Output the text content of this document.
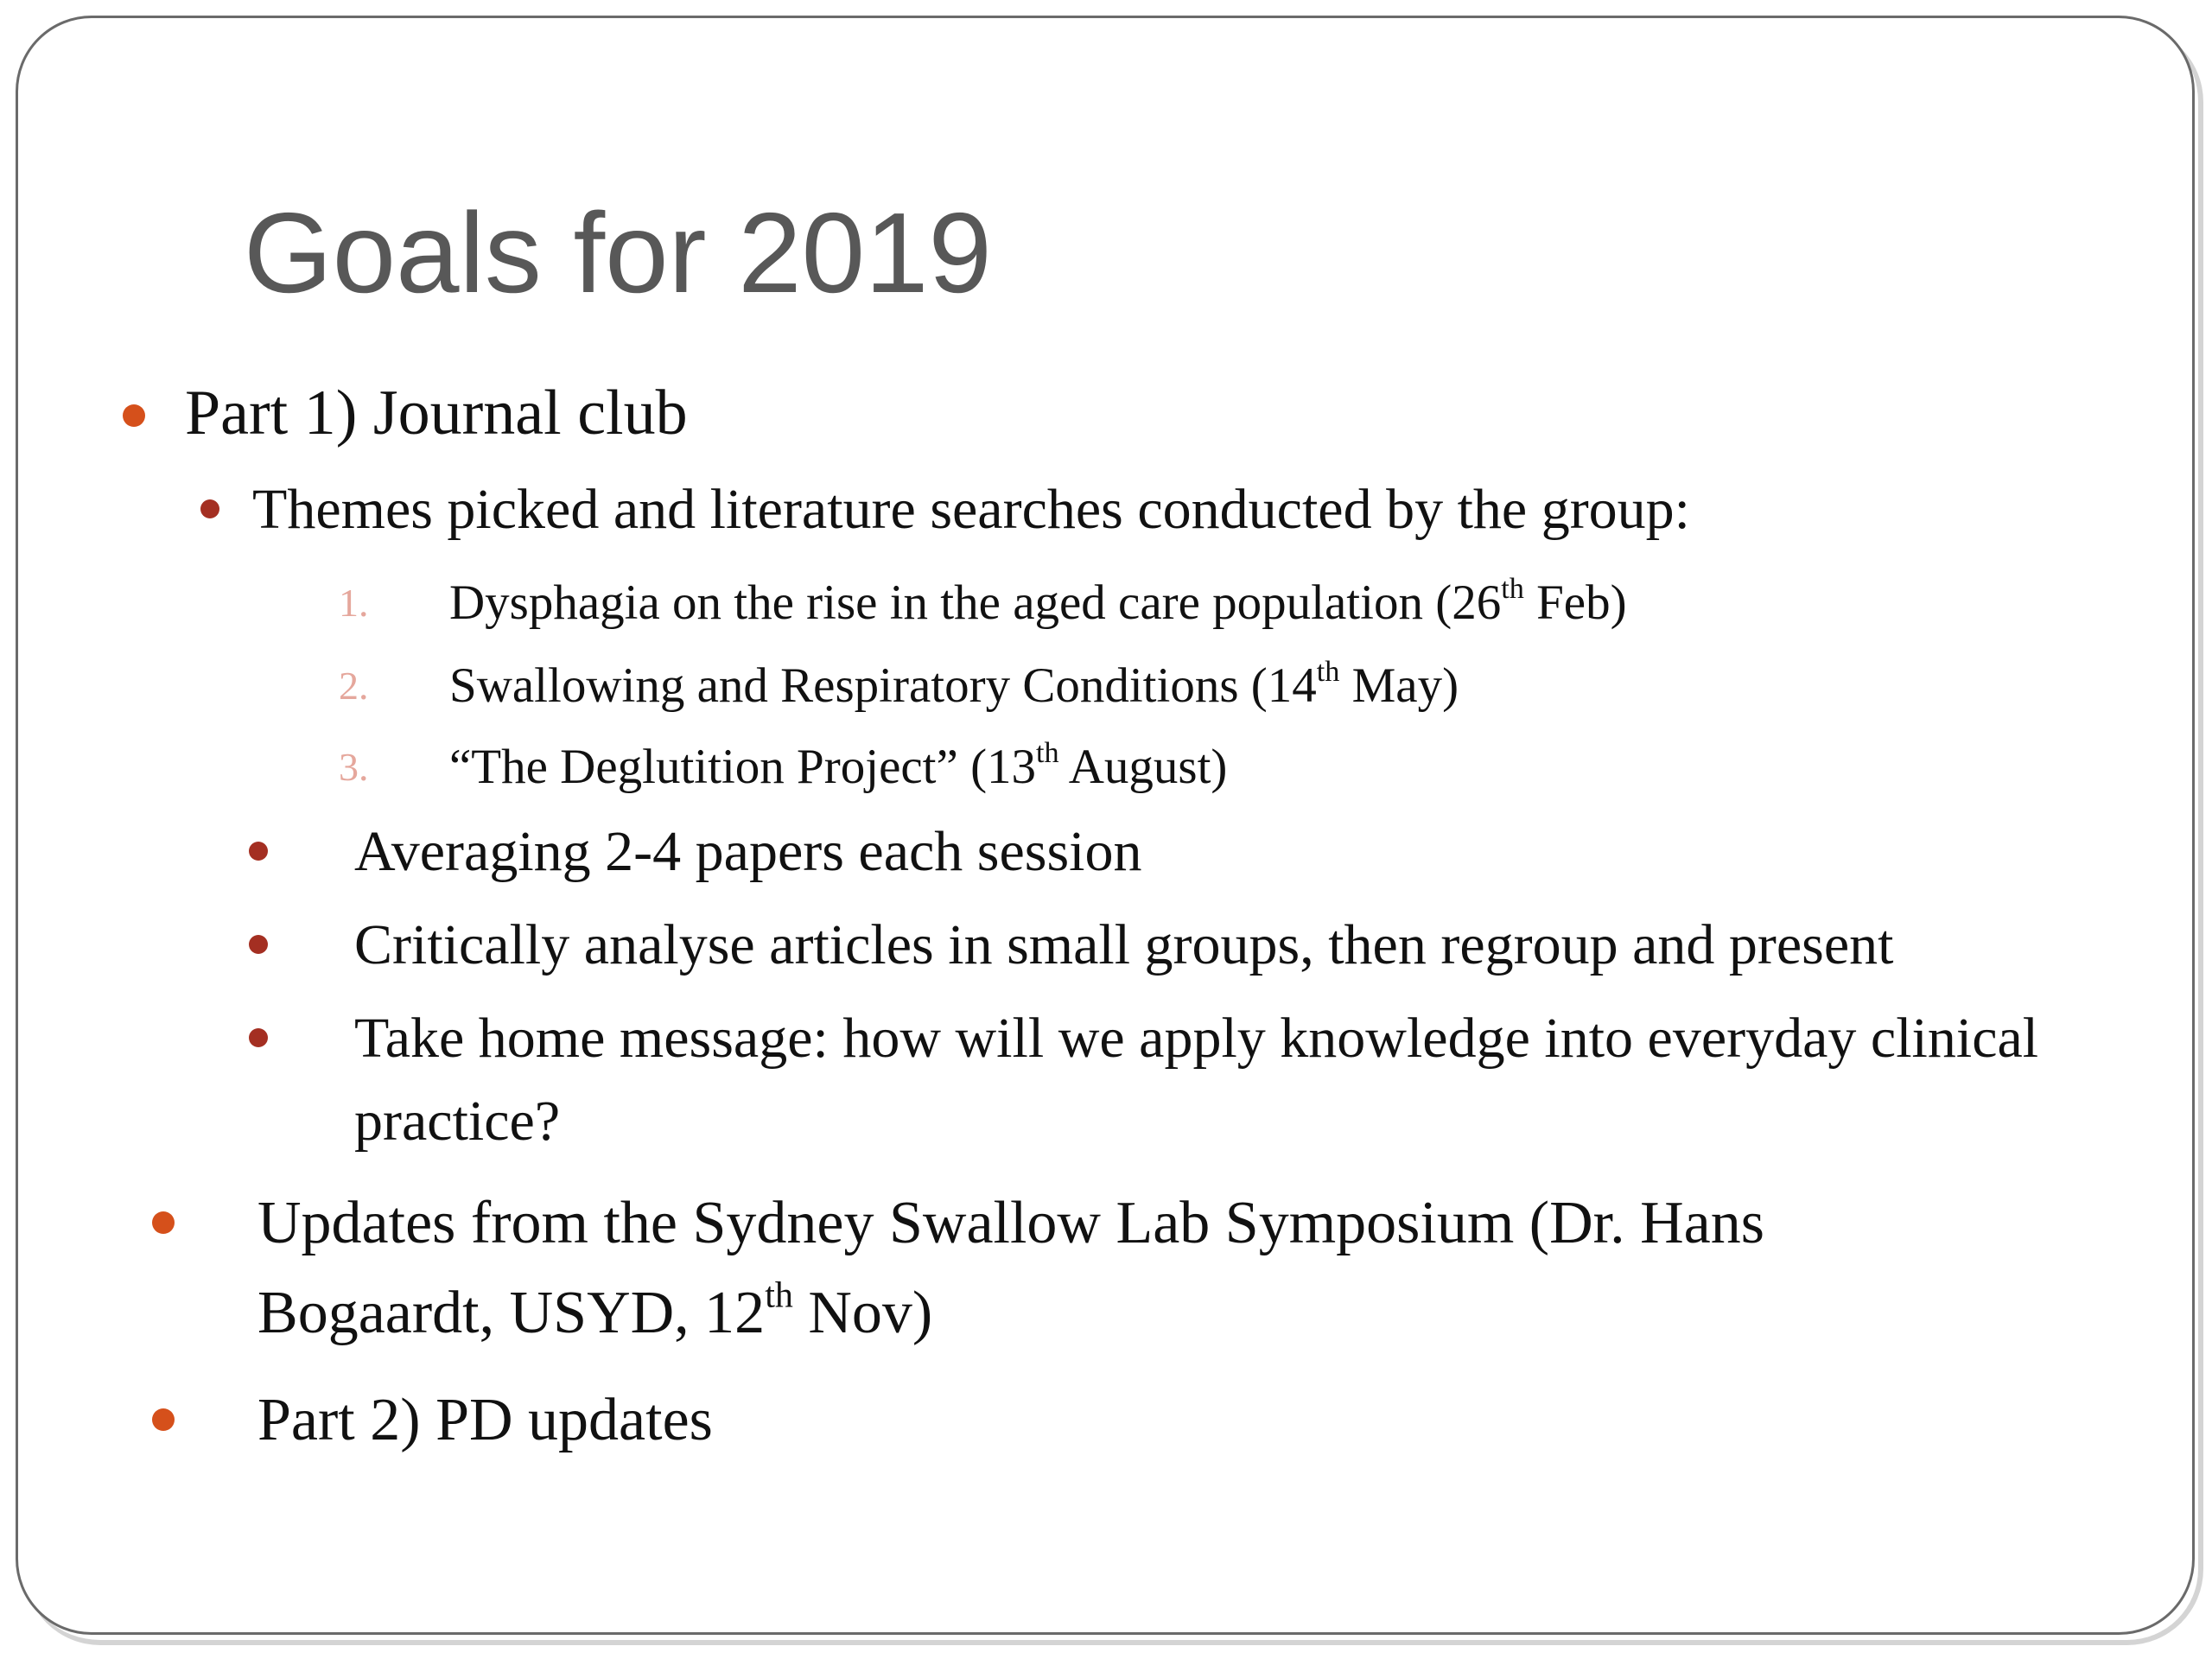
Goals for 2019

Part 1) Journal club

Themes picked and literature searches conducted by the group:

1. Dysphagia on the rise in the aged care population (26th Feb)

2. Swallowing and Respiratory Conditions (14th May)

3. “The Deglutition Project” (13th August)

Averaging 2-4 papers each session

Critically analyse articles in small groups, then regroup and present

Take home message: how will we apply knowledge into everyday clinical

practice?

Updates from the Sydney Swallow Lab Symposium (Dr. Hans

Bogaardt, USYD, 12th Nov)

Part 2) PD updates
